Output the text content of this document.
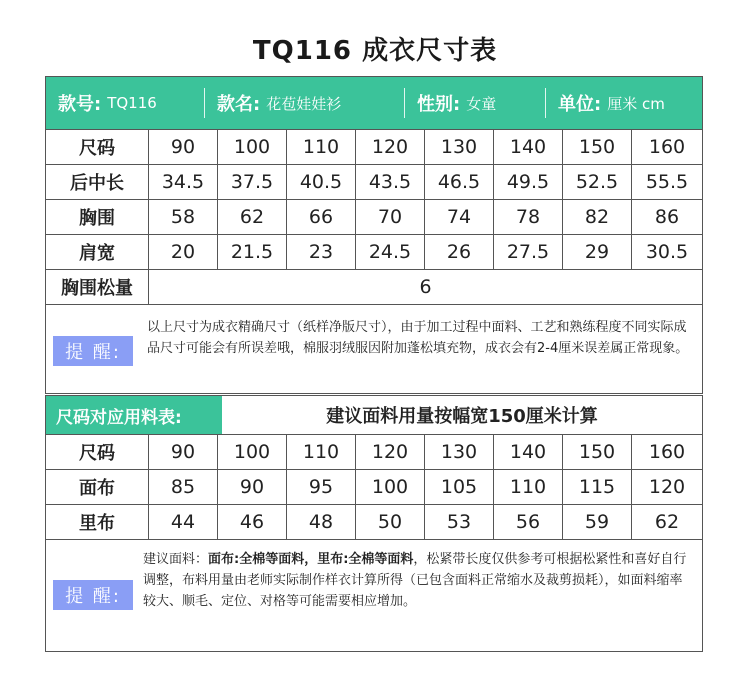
TQ116 成衣尺寸表
款号: TQ116	款名: 花苞娃娃衫	性别: 女童	单位: 厘米 cm
尺码	90	100	110	120	130	140	150	160
后中长	34.5	37.5	40.5	43.5	46.5	49.5	52.5	55.5
胸围	58	62	66	70	74	78	82	86
肩宽	20	21.5	23	24.5	26	27.5	29	30.5
胸围松量	6							
提 醒:
以上尺寸为成衣精确尺寸（纸样净版尺寸），由于加工过程中面料、工艺和熟练程度不同实际成品尺寸可能会有所误差哦，棉服羽绒服因附加蓬松填充物，成衣会有2-4厘米误差属正常现象。
尺码对应用料表:	建议面料用量按幅宽150厘米计算
尺码	90	100	110	120	130	140	150	160
面布	85	90	95	100	105	110	115	120
里布	44	46	48	50	53	56	59	62
提 醒:
建议面料：面布:全棉等面料，里布:全棉等面料，松紧带长度仅供参考可根据松紧性和喜好自行调整，布料用量由老师实际制作样衣计算所得（已包含面料正常缩水及裁剪损耗），如面料缩率较大、顺毛、定位、对格等可能需要相应增加。
